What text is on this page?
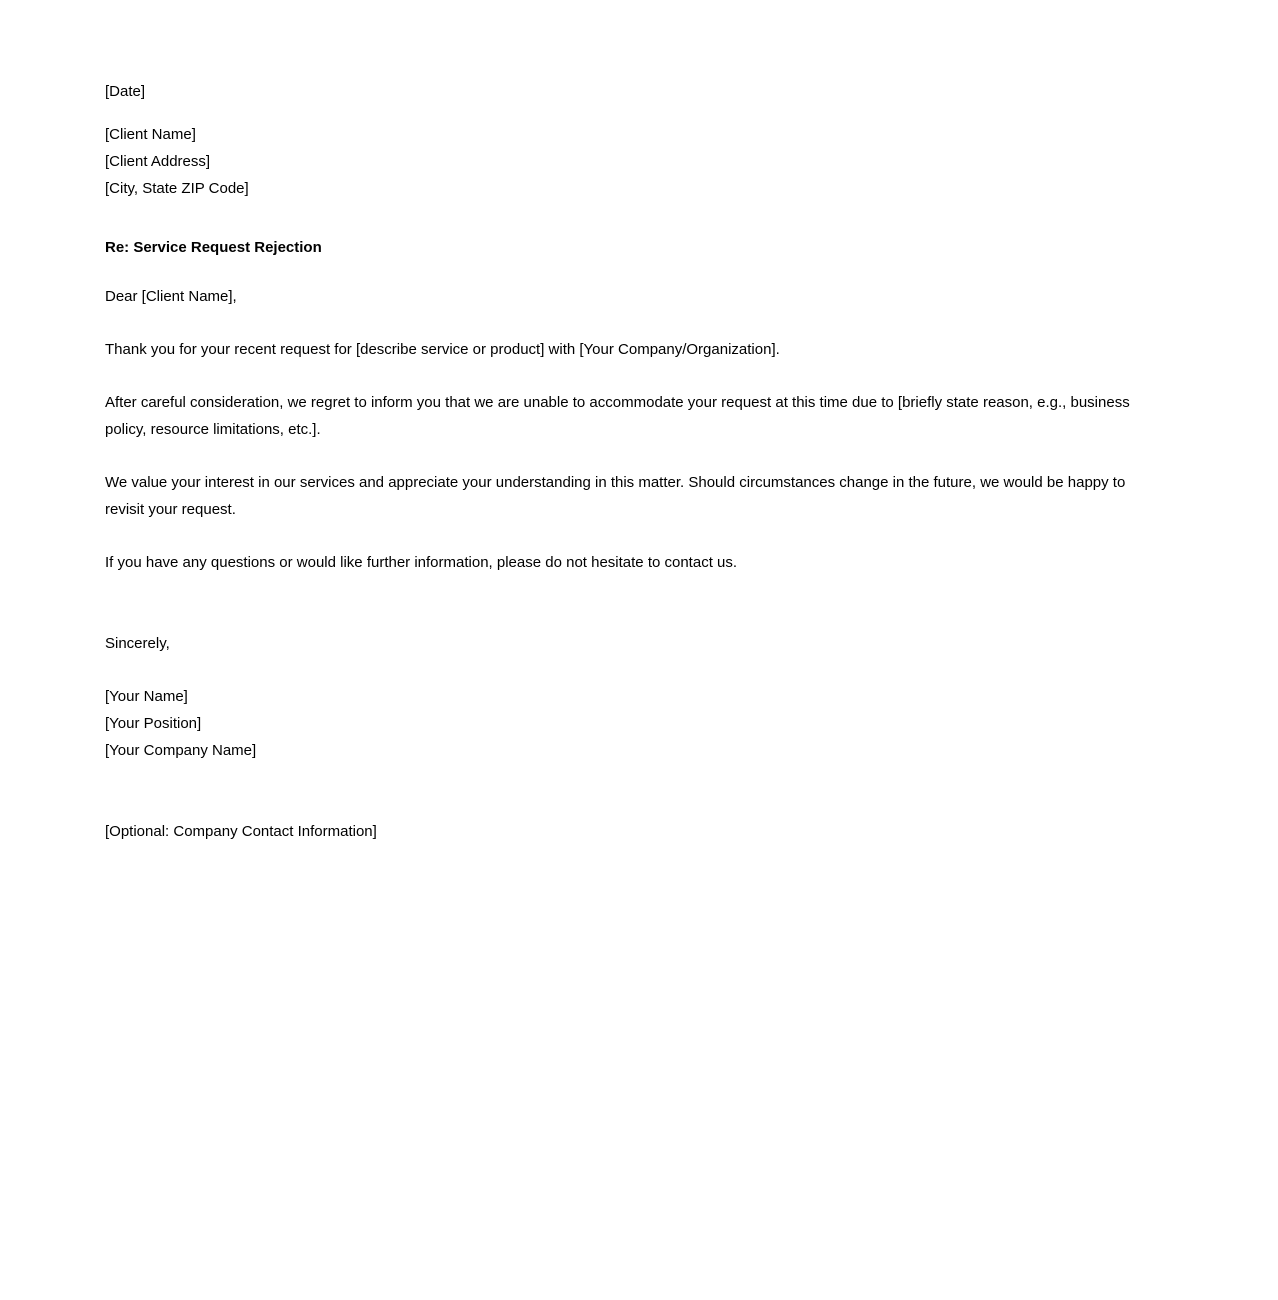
[Date]
[Client Name]
[Client Address]
[City, State ZIP Code]

Re: Service Request Rejection

Dear [Client Name],

Thank you for your recent request for [describe service or product] with [Your Company/Organization].

After careful consideration, we regret to inform you that we are unable to accommodate your request at this time due to [briefly state reason, e.g., business policy, resource limitations, etc.].

We value your interest in our services and appreciate your understanding in this matter. Should circumstances change in the future, we would be happy to revisit your request.

If you have any questions or would like further information, please do not hesitate to contact us.

Sincerely,

[Your Name]
[Your Position]
[Your Company Name]

[Optional: Company Contact Information]
